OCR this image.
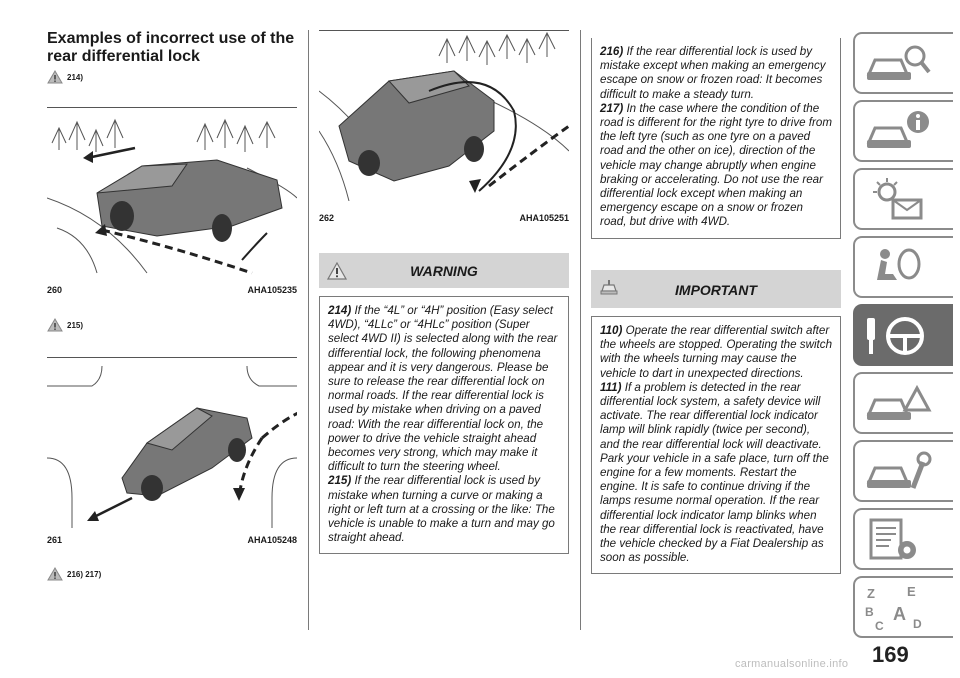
Examples of incorrect use of the rear differential lock
214)
260	AHA105235
215)
261	AHA105248
216) 217)
262	AHA105251
WARNING

214) If the “4L” or “4H” position (Easy select 4WD), “4LLc” or “4HLc” position (Super select 4WD II) is selected along with the rear differential lock, the following phenomena appear and it is very dangerous. Please be sure to release the rear differential lock on normal roads. If the rear differential lock is used by mistake when driving on a paved road: With the rear differential lock on, the power to drive the vehicle straight ahead becomes very strong, which may make it difficult to turn the steering wheel.

215) If the rear differential lock is used by mistake when turning a curve or making a right or left turn at a crossing or the like: The vehicle is unable to make a turn and may go straight ahead.

216) If the rear differential lock is used by mistake except when making an emergency escape on snow or frozen road: It becomes difficult to make a steady turn.

217) In the case where the condition of the road is different for the right tyre to drive from the left tyre (such as one tyre on a paved road and the other on ice), direction of the vehicle may change abruptly when engine braking or accelerating. Do not use the rear differential lock except when making an emergency escape on a snow or frozen road, but drive with 4WD.

IMPORTANT

110) Operate the rear differential switch after the wheels are stopped. Operating the switch with the wheels turning may cause the vehicle to dart in unexpected directions.

111) If a problem is detected in the rear differential lock system, a safety device will activate. The rear differential lock indicator lamp will blink rapidly (twice per second), and the rear differential lock will deactivate. Park your vehicle in a safe place, turn off the engine for a few moments. Restart the engine. It is safe to continue driving if the lamps resume normal operation. If the rear differential lock indicator lamp blinks when the rear differential lock is reactivated, have the vehicle checked by a Fiat Dealership as soon as possible.

Z E
B
C
A D
169
carmanualsonline.info
